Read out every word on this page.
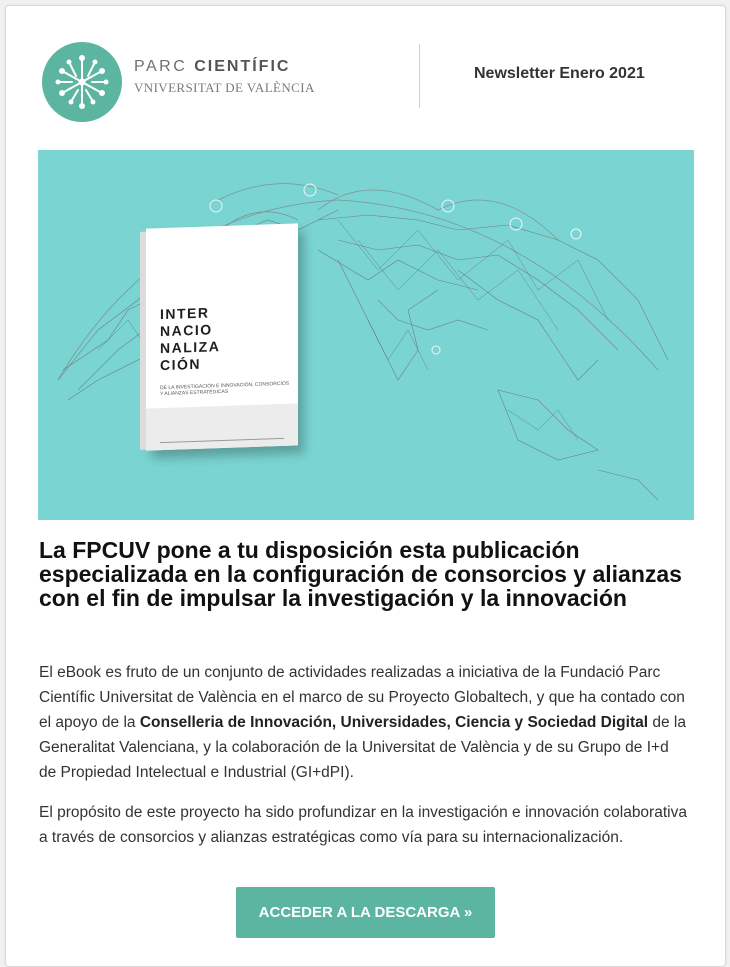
PARC CIENTÍFIC
VNIVERSITAT DE VALÈNCIA
Newsletter Enero 2021
INTER
NACIO
NALIZA
CIÓN
DE LA INVESTIGACIÓN E INNOVACIÓN, CONSORCIOS Y ALIANZAS ESTRATÉGICAS
La FPCUV pone a tu disposición esta publicación especializada en la configuración de consorcios y alianzas con el fin de impulsar la investigación y la innovación
El eBook es fruto de un conjunto de actividades realizadas a iniciativa de la Fundació Parc Científic Universitat de València en el marco de su Proyecto Globaltech, y que ha contado con el apoyo de la Conselleria de Innovación, Universidades, Ciencia y Sociedad Digital de la Generalitat Valenciana, y la colaboración de la Universitat de València y de su Grupo de I+d de Propiedad Intelectual e Industrial (GI+dPI).
El propósito de este proyecto ha sido profundizar en la investigación e innovación colaborativa a través de consorcios y alianzas estratégicas como vía para su internacionalización.
ACCEDER A LA DESCARGA »
